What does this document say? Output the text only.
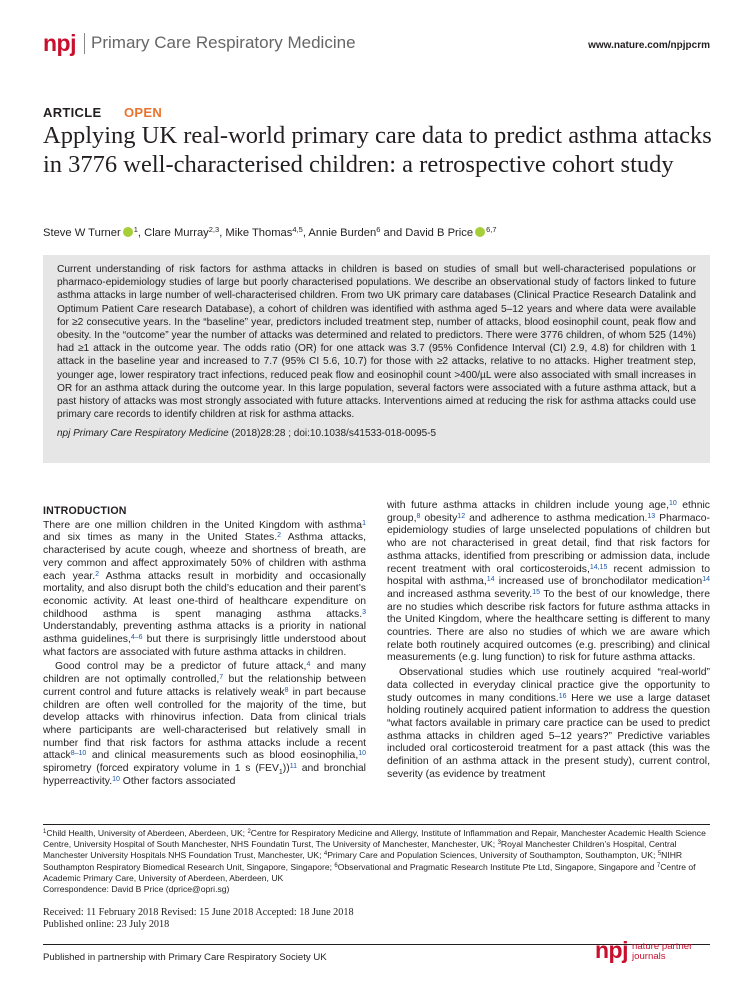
npj Primary Care Respiratory Medicine	www.nature.com/npjpcrm
ARTICLE OPEN
Applying UK real-world primary care data to predict asthma attacks in 3776 well-characterised children: a retrospective cohort study
Steve W Turner $^1$, Clare Murray$^{2,3}$, Mike Thomas$^{4,5}$, Annie Burden$^6$ and David B Price $^{6,7}$

Current understanding of risk factors for asthma attacks in children is based on studies of small but well-characterised populations or pharmaco-epidemiology studies of large but poorly characterised populations. We describe an observational study of factors linked to future asthma attacks in large number of well-characterised children. From two UK primary care databases (Clinical Practice Research Datalink and Optimum Patient Care research Database), a cohort of children was identified with asthma aged 5–12 years and where data were available for ≥2 consecutive years. In the “baseline” year, predictors included treatment step, number of attacks, blood eosinophil count, peak flow and obesity. In the “outcome” year the number of attacks was determined and related to predictors. There were 3776 children, of whom 525 (14%) had ≥1 attack in the outcome year. The odds ratio (OR) for one attack was 3.7 (95% Confidence Interval (CI) 2.9, 4.8) for children with 1 attack in the baseline year and increased to 7.7 (95% CI 5.6, 10.7) for those with ≥2 attacks, relative to no attacks. Higher treatment step, younger age, lower respiratory tract infections, reduced peak flow and eosinophil count >400/µL were also associated with small increases in OR for an asthma attack during the outcome year. In this large population, several factors were associated with a future asthma attack, but a past history of attacks was most strongly associated with future attacks. Interventions aimed at reducing the risk for asthma attacks could use primary care records to identify children at risk for asthma attacks.

npj Primary Care Respiratory Medicine (2018)28:28 ; doi:10.1038/s41533-018-0095-5

INTRODUCTION

There are one million children in the United Kingdom with asthma$^1$ and six times as many in the United States.$^2$ Asthma attacks, characterised by acute cough, wheeze and shortness of breath, are very common and affect approximately 50% of children with asthma each year.$^2$ Asthma attacks result in morbidity and occasionally mortality, and also disrupt both the child’s education and their parent’s economic activity. At least one-third of healthcare expenditure on childhood asthma is spent managing asthma attacks.$^3$ Understandably, preventing asthma attacks is a priority in national asthma guidelines,$^{4-6}$ but there is surprisingly little understood about what factors are associated with future asthma attacks in children.

Good control may be a predictor of future attack,$^4$ and many children are not optimally controlled,$^7$ but the relationship between current control and future attacks is relatively weak$^8$ in part because children are often well controlled for the majority of the time, but develop attacks with rhinovirus infection. Data from clinical trials where participants are well-characterised but relatively small in number find that risk factors for asthma attacks include a recent attack$^{8-10}$ and clinical measurements such as blood eosinophilia,$^{10}$ spirometry (forced expiratory volume in 1 s $(FEV_1))^{11}$ and bronchial hyperreactivity.$^{10}$ Other factors associated

with future asthma attacks in children include young age,$^{10}$ ethnic group,$^8$ obesity$^{12}$ and adherence to asthma medication.$^{13}$ Pharmaco-epidemiology studies of large unselected populations of children but who are not characterised in great detail, find that risk factors for asthma attacks, identified from prescribing or admission data, include recent treatment with oral corticosteroids,$^{14,15}$ recent admission to hospital with asthma,$^{14}$ increased use of bronchodilator medication$^{14}$ and increased asthma severity.$^{15}$ To the best of our knowledge, there are no studies which describe risk factors for future asthma attacks in the United Kingdom, where the healthcare setting is different to many countries. There are also no studies of which we are aware which relate both routinely acquired outcomes (e.g. prescribing) and clinical measurements (e.g. lung function) to risk for future asthma attacks.

Observational studies which use routinely acquired “real-world” data collected in everyday clinical practice give the opportunity to study outcomes in many conditions.$^{16}$ Here we use a large dataset holding routinely acquired patient information to address the question “what factors available in primary care practice can be used to predict asthma attacks in children aged 5–12 years?” Predictive variables included oral corticosteroid treatment for a past attack (this was the definition of an asthma attack in the present study), current control, severity (as evidence by treatment

$^1$Child Health, University of Aberdeen, Aberdeen, UK; $^2$Centre for Respiratory Medicine and Allergy, Institute of Inflammation and Repair, Manchester Academic Health Science Centre, University Hospital of South Manchester, NHS Foundatin Turst, The University of Manchester, Manchester, UK; $^3$Royal Manchester Children’s Hospital, Central Manchester University Hospitals NHS Foundation Trust, Manchester, UK; $^4$Primary Care and Population Sciences, University of Southampton, Southampton, UK; $^5$NIHR Southampton Respiratory Biomedical Research Unit, Singapore, Singapore; $^6$Observational and Pragmatic Research Institute Pte Ltd, Singapore, Singapore and $^7$Centre of Academic Primary Care, University of Aberdeen, Aberdeen, UK
Correspondence: David B Price (dprice@opri.sg)
Received: 11 February 2018 Revised: 15 June 2018 Accepted: 18 June 2018
Published online: 23 July 2018
Published in partnership with Primary Care Respiratory Society UK	npj nature partner
journals
